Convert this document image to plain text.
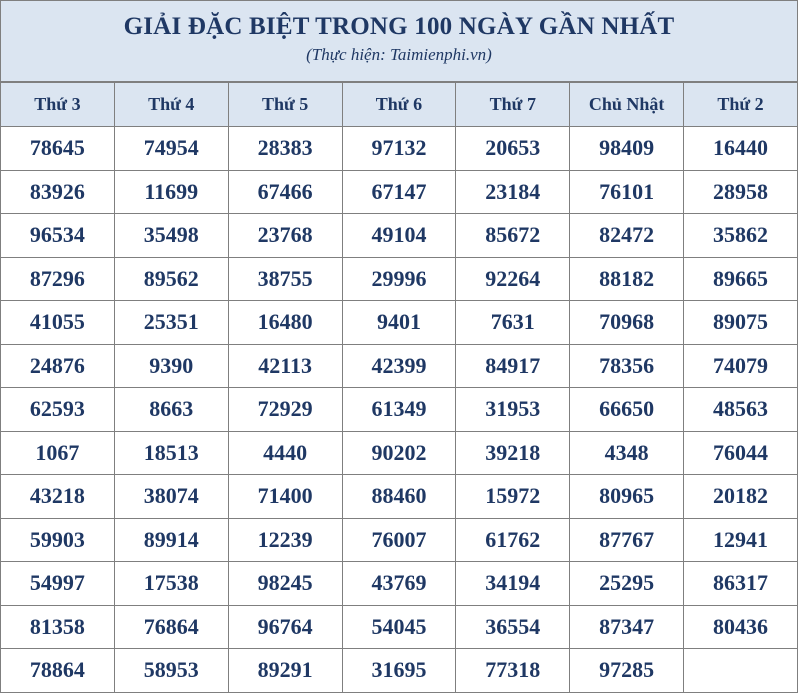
GIẢI ĐẶC BIỆT TRONG 100 NGÀY GẦN NHẤT
(Thực hiện: Taimienphi.vn)
Thứ 3	Thứ 4	Thứ 5	Thứ 6	Thứ 7	Chủ Nhật	Thứ 2
78645	74954	28383	97132	20653	98409	16440
83926	11699	67466	67147	23184	76101	28958
96534	35498	23768	49104	85672	82472	35862
87296	89562	38755	29996	92264	88182	89665
41055	25351	16480	9401	7631	70968	89075
24876	9390	42113	42399	84917	78356	74079
62593	8663	72929	61349	31953	66650	48563
1067	18513	4440	90202	39218	4348	76044
43218	38074	71400	88460	15972	80965	20182
59903	89914	12239	76007	61762	87767	12941
54997	17538	98245	43769	34194	25295	86317
81358	76864	96764	54045	36554	87347	80436
78864	58953	89291	31695	77318	97285	
